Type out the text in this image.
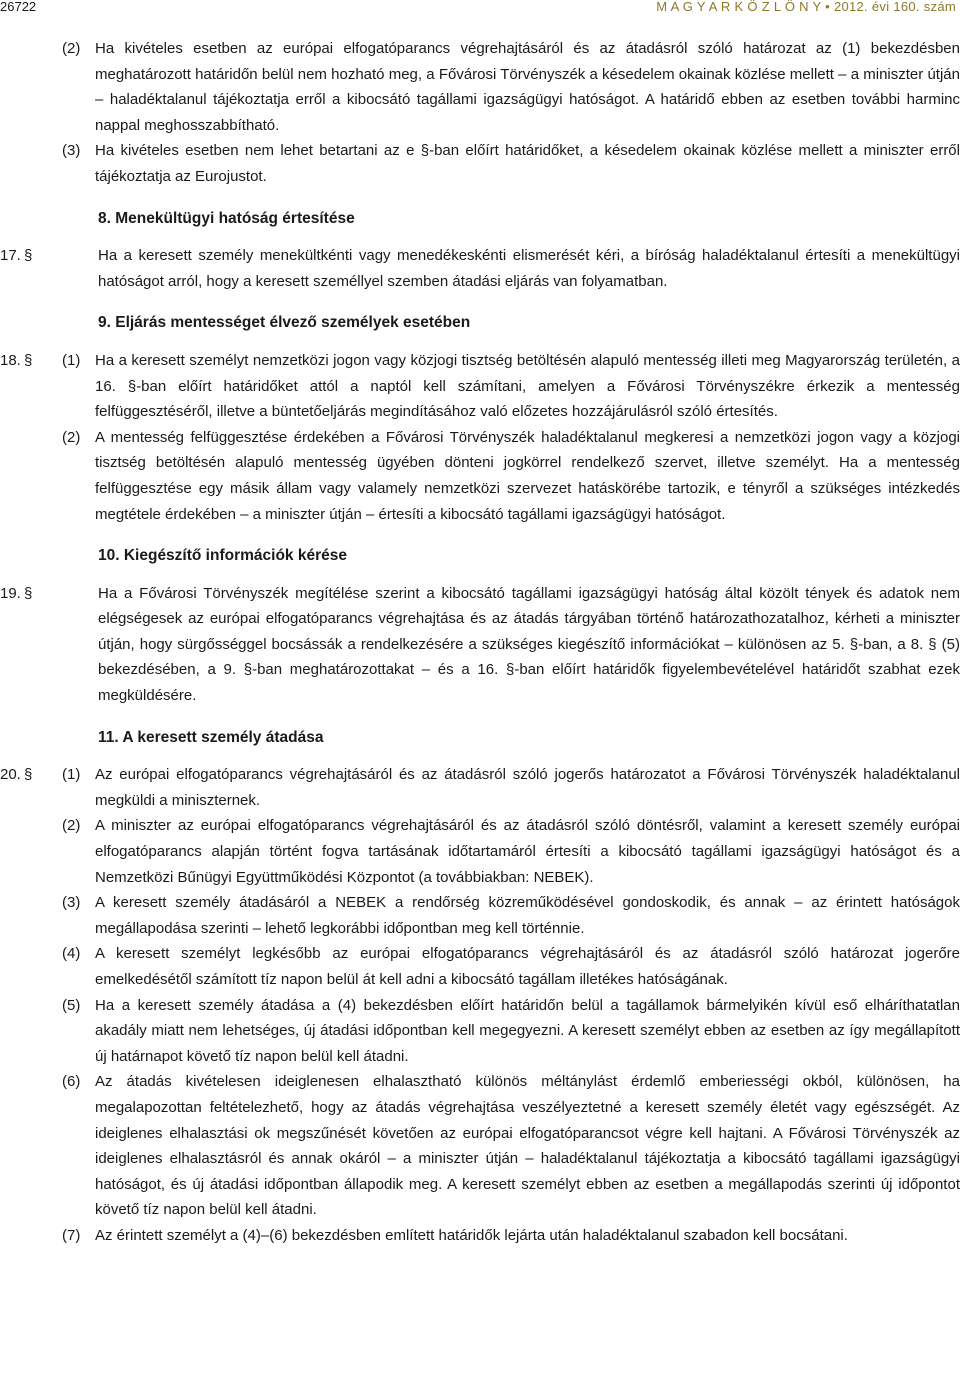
26722	M A G Y A R K Ö Z L Ö N Y • 2012. évi 160. szám
(2) Ha kivételes esetben az európai elfogatóparancs végrehajtásáról és az átadásról szóló határozat az (1) bekezdésben meghatározott határidőn belül nem hozható meg, a Fővárosi Törvényszék a késedelem okainak közlése mellett – a miniszter útján – haladéktalanul tájékoztatja erről a kibocsátó tagállami igazságügyi hatóságot. A határidő ebben az esetben további harminc nappal meghosszabbítható.
(3) Ha kivételes esetben nem lehet betartani az e §-ban előírt határidőket, a késedelem okainak közlése mellett a miniszter erről tájékoztatja az Eurojustot.
8. Menekültügyi hatóság értesítése
17. §	Ha a keresett személy menekültkénti vagy menedékeskénti elismerését kéri, a bíróság haladéktalanul értesíti a menekültügyi hatóságot arról, hogy a keresett személlyel szemben átadási eljárás van folyamatban.
9. Eljárás mentességet élvező személyek esetében
18. §	(1) Ha a keresett személyt nemzetközi jogon vagy közjogi tisztség betöltésén alapuló mentesség illeti meg Magyarország területén, a 16. §-ban előírt határidőket attól a naptól kell számítani, amelyen a Fővárosi Törvényszékre érkezik a mentesség felfüggesztéséről, illetve a büntetőeljárás megindításához való előzetes hozzájárulásról szóló értesítés.
(2) A mentesség felfüggesztése érdekében a Fővárosi Törvényszék haladéktalanul megkeresi a nemzetközi jogon vagy a közjogi tisztség betöltésén alapuló mentesség ügyében dönteni jogkörrel rendelkező szervet, illetve személyt. Ha a mentesség felfüggesztése egy másik állam vagy valamely nemzetközi szervezet hatáskörébe tartozik, e tényről a szükséges intézkedés megtétele érdekében – a miniszter útján – értesíti a kibocsátó tagállami igazságügyi hatóságot.
10. Kiegészítő információk kérése
19. §	Ha a Fővárosi Törvényszék megítélése szerint a kibocsátó tagállami igazságügyi hatóság által közölt tények és adatok nem elégségesek az európai elfogatóparancs végrehajtása és az átadás tárgyában történő határozathozatalhoz, kérheti a miniszter útján, hogy sürgősséggel bocsássák a rendelkezésére a szükséges kiegészítő információkat – különösen az 5. §-ban, a 8. § (5) bekezdésében, a 9. §-ban meghatározottakat – és a 16. §-ban előírt határidők figyelembevételével határidőt szabhat ezek megküldésére.
11. A keresett személy átadása
20. §	(1) Az európai elfogatóparancs végrehajtásáról és az átadásról szóló jogerős határozatot a Fővárosi Törvényszék haladéktalanul megküldi a miniszternek.
(2) A miniszter az európai elfogatóparancs végrehajtásáról és az átadásról szóló döntésről, valamint a keresett személy európai elfogatóparancs alapján történt fogva tartásának időtartamáról értesíti a kibocsátó tagállami igazságügyi hatóságot és a Nemzetközi Bűnügyi Együttműködési Központot (a továbbiakban: NEBEK).
(3) A keresett személy átadásáról a NEBEK a rendőrség közreműködésével gondoskodik, és annak – az érintett hatóságok megállapodása szerinti – lehető legkorábbi időpontban meg kell történnie.
(4) A keresett személyt legkésőbb az európai elfogatóparancs végrehajtásáról és az átadásról szóló határozat jogerőre emelkedésétől számított tíz napon belül át kell adni a kibocsátó tagállam illetékes hatóságának.
(5) Ha a keresett személy átadása a (4) bekezdésben előírt határidőn belül a tagállamok bármelyikén kívül eső elháríthatatlan akadály miatt nem lehetséges, új átadási időpontban kell megegyezni. A keresett személyt ebben az esetben az így megállapított új határnapot követő tíz napon belül kell átadni.
(6) Az átadás kivételesen ideiglenesen elhalasztható különös méltánylást érdemlő emberiességi okból, különösen, ha megalapozottan feltételezhető, hogy az átadás végrehajtása veszélyeztetné a keresett személy életét vagy egészségét. Az ideiglenes elhalasztási ok megszűnését követően az európai elfogatóparancsot végre kell hajtani. A Fővárosi Törvényszék az ideiglenes elhalasztásról és annak okáról – a miniszter útján – haladéktalanul tájékoztatja a kibocsátó tagállami igazságügyi hatóságot, és új átadási időpontban állapodik meg. A keresett személyt ebben az esetben a megállapodás szerinti új időpontot követő tíz napon belül kell átadni.
(7) Az érintett személyt a (4)–(6) bekezdésben említett határidők lejárta után haladéktalanul szabadon kell bocsátani.
